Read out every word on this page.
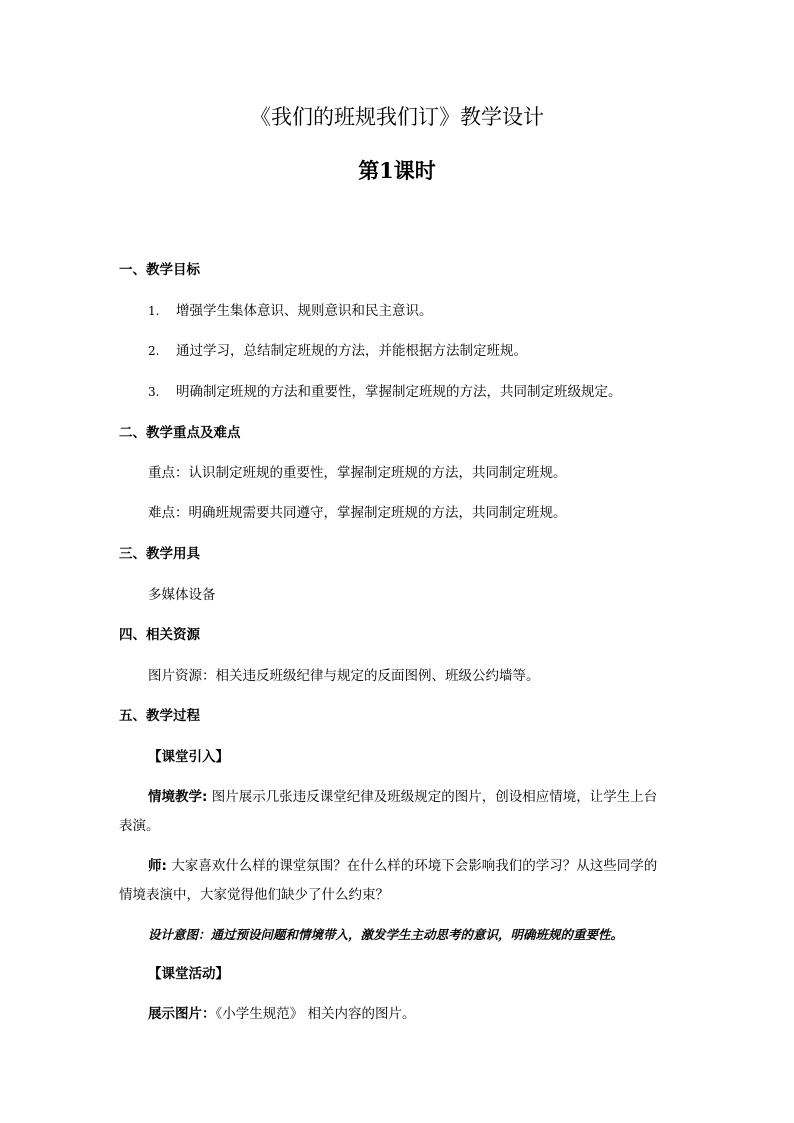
《我们的班规我们订》教学设计
第1课时
一、教学目标
1. 增强学生集体意识、规则意识和民主意识。
2. 通过学习，总结制定班规的方法，并能根据方法制定班规。
3. 明确制定班规的方法和重要性，掌握制定班规的方法，共同制定班级规定。
二、教学重点及难点
重点：认识制定班规的重要性，掌握制定班规的方法，共同制定班规。
难点：明确班规需要共同遵守，掌握制定班规的方法，共同制定班规。
三、教学用具
多媒体设备
四、相关资源
图片资源：相关违反班级纪律与规定的反面图例、班级公约墙等。
五、教学过程
【课堂引入】
情境教学: 图片展示几张违反课堂纪律及班级规定的图片，创设相应情境，让学生上台
表演。
师: 大家喜欢什么样的课堂氛围？在什么样的环境下会影响我们的学习？从这些同学的
情境表演中，大家觉得他们缺少了什么约束？
设计意图：通过预设问题和情境带入，激发学生主动思考的意识，明确班规的重要性。
【课堂活动】
展示图片：《小学生规范》 相关内容的图片。
